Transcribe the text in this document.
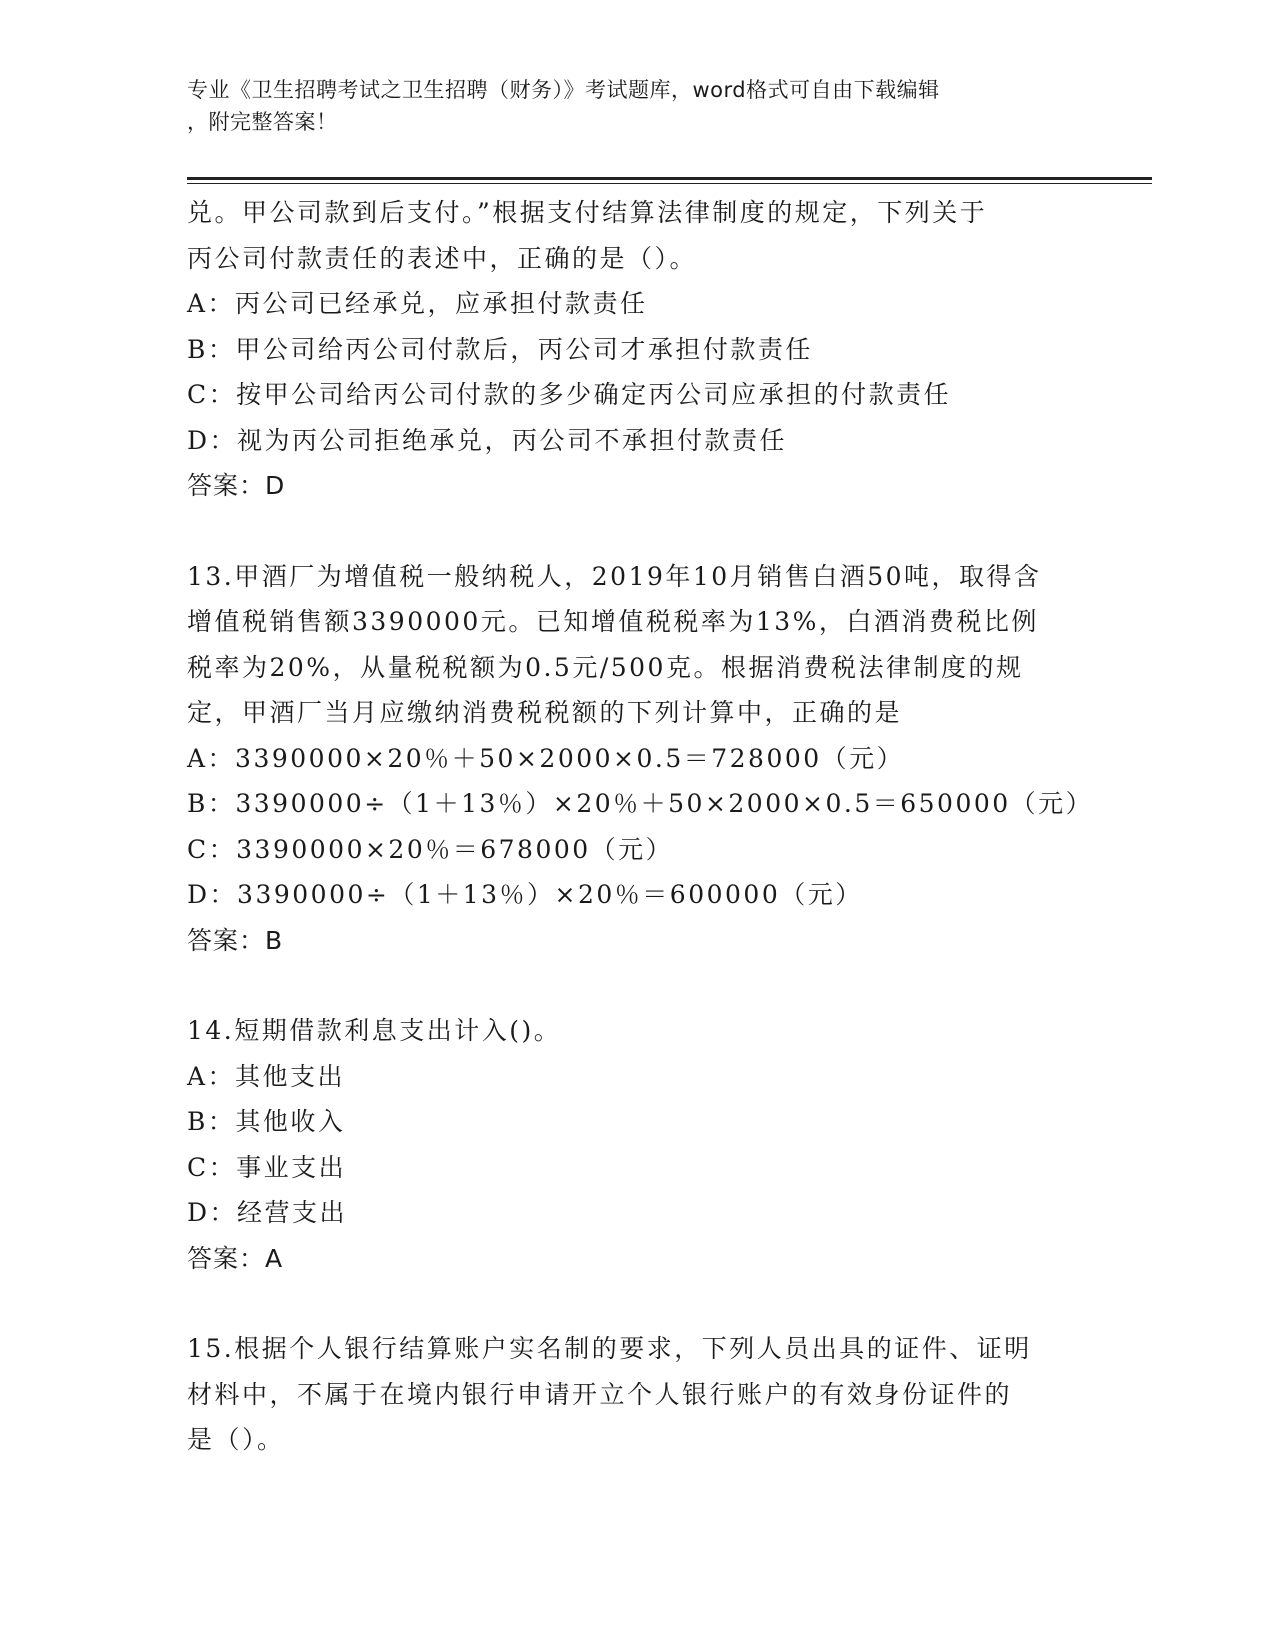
专业《卫生招聘考试之卫生招聘（财务）》考试题库，word格式可自由下载编辑
，附完整答案！
兑。甲公司款到后支付。”根据支付结算法律制度的规定，下列关于
丙公司付款责任的表述中，正确的是（）。
A：丙公司已经承兑，应承担付款责任
B：甲公司给丙公司付款后，丙公司才承担付款责任
C：按甲公司给丙公司付款的多少确定丙公司应承担的付款责任
D：视为丙公司拒绝承兑，丙公司不承担付款责任
答案：D
13.甲酒厂为增值税一般纳税人，2019年10月销售白酒50吨，取得含
增值税销售额3390000元。已知增值税税率为13%，白酒消费税比例
税率为20%，从量税税额为0.5元/500克。根据消费税法律制度的规
定，甲酒厂当月应缴纳消费税税额的下列计算中，正确的是
A：3390000×20％＋50×2000×0.5＝728000（元）
B：3390000÷（1＋13％）×20％＋50×2000×0.5＝650000（元）
C：3390000×20％＝678000（元）
D：3390000÷（1＋13％）×20％＝600000（元）
答案：B
14.短期借款利息支出计入()。
A：其他支出
B：其他收入
C：事业支出
D：经营支出
答案：A
15.根据个人银行结算账户实名制的要求，下列人员出具的证件、证明
材料中，不属于在境内银行申请开立个人银行账户的有效身份证件的
是（）。
